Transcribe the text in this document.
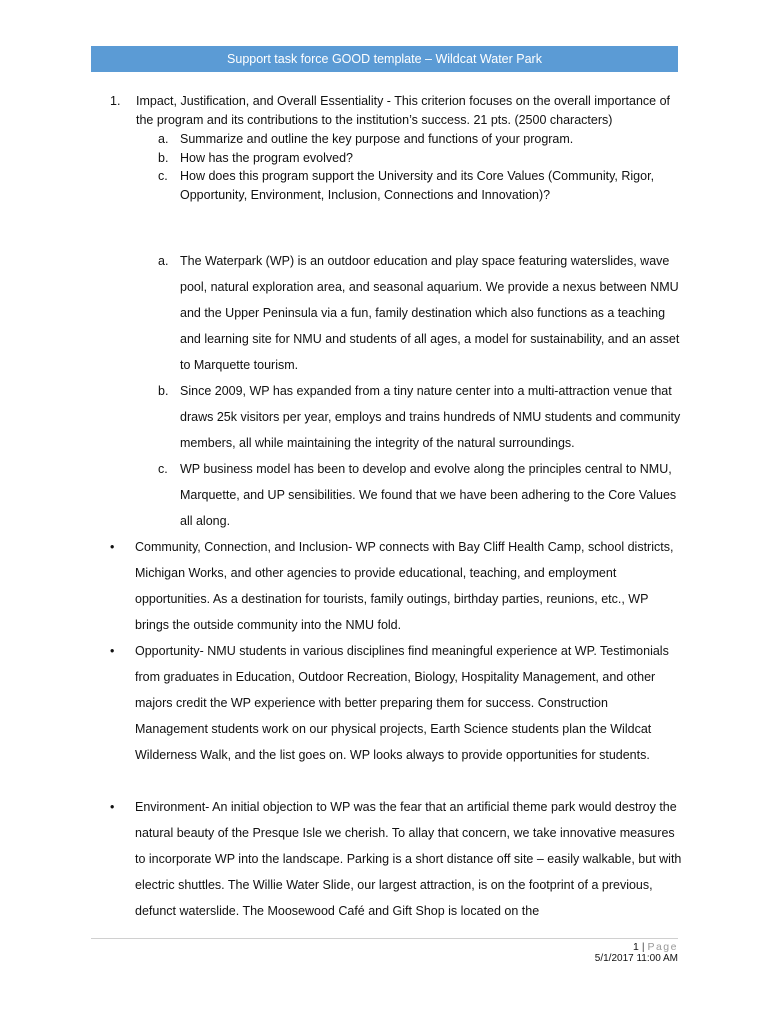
Support task force GOOD template – Wildcat Water Park
1. Impact, Justification, and Overall Essentiality - This criterion focuses on the overall importance of the program and its contributions to the institution’s success. 21 pts. (2500 characters)
a. Summarize and outline the key purpose and functions of your program.
b. How has the program evolved?
c. How does this program support the University and its Core Values (Community, Rigor, Opportunity, Environment, Inclusion, Connections and Innovation)?
a. The Waterpark (WP) is an outdoor education and play space featuring waterslides, wave pool, natural exploration area, and seasonal aquarium. We provide a nexus between NMU and the Upper Peninsula via a fun, family destination which also functions as a teaching and learning site for NMU and students of all ages, a model for sustainability, and an asset to Marquette tourism.
b. Since 2009, WP has expanded from a tiny nature center into a multi-attraction venue that draws 25k visitors per year, employs and trains hundreds of NMU students and community members, all while maintaining the integrity of the natural surroundings.
c. WP business model has been to develop and evolve along the principles central to NMU, Marquette, and UP sensibilities. We found that we have been adhering to the Core Values all along.
• Community, Connection, and Inclusion- WP connects with Bay Cliff Health Camp, school districts, Michigan Works, and other agencies to provide educational, teaching, and employment opportunities. As a destination for tourists, family outings, birthday parties, reunions, etc., WP brings the outside community into the NMU fold.
• Opportunity- NMU students in various disciplines find meaningful experience at WP. Testimonials from graduates in Education, Outdoor Recreation, Biology, Hospitality Management, and other majors credit the WP experience with better preparing them for success. Construction Management students work on our physical projects, Earth Science students plan the Wildcat Wilderness Walk, and the list goes on. WP looks always to provide opportunities for students.
• Environment- An initial objection to WP was the fear that an artificial theme park would destroy the natural beauty of the Presque Isle we cherish. To allay that concern, we take innovative measures to incorporate WP into the landscape. Parking is a short distance off site – easily walkable, but with electric shuttles. The Willie Water Slide, our largest attraction, is on the footprint of a previous, defunct waterslide. The Moosewood Café and Gift Shop is located on the
1 | Page
5/1/2017 11:00 AM
